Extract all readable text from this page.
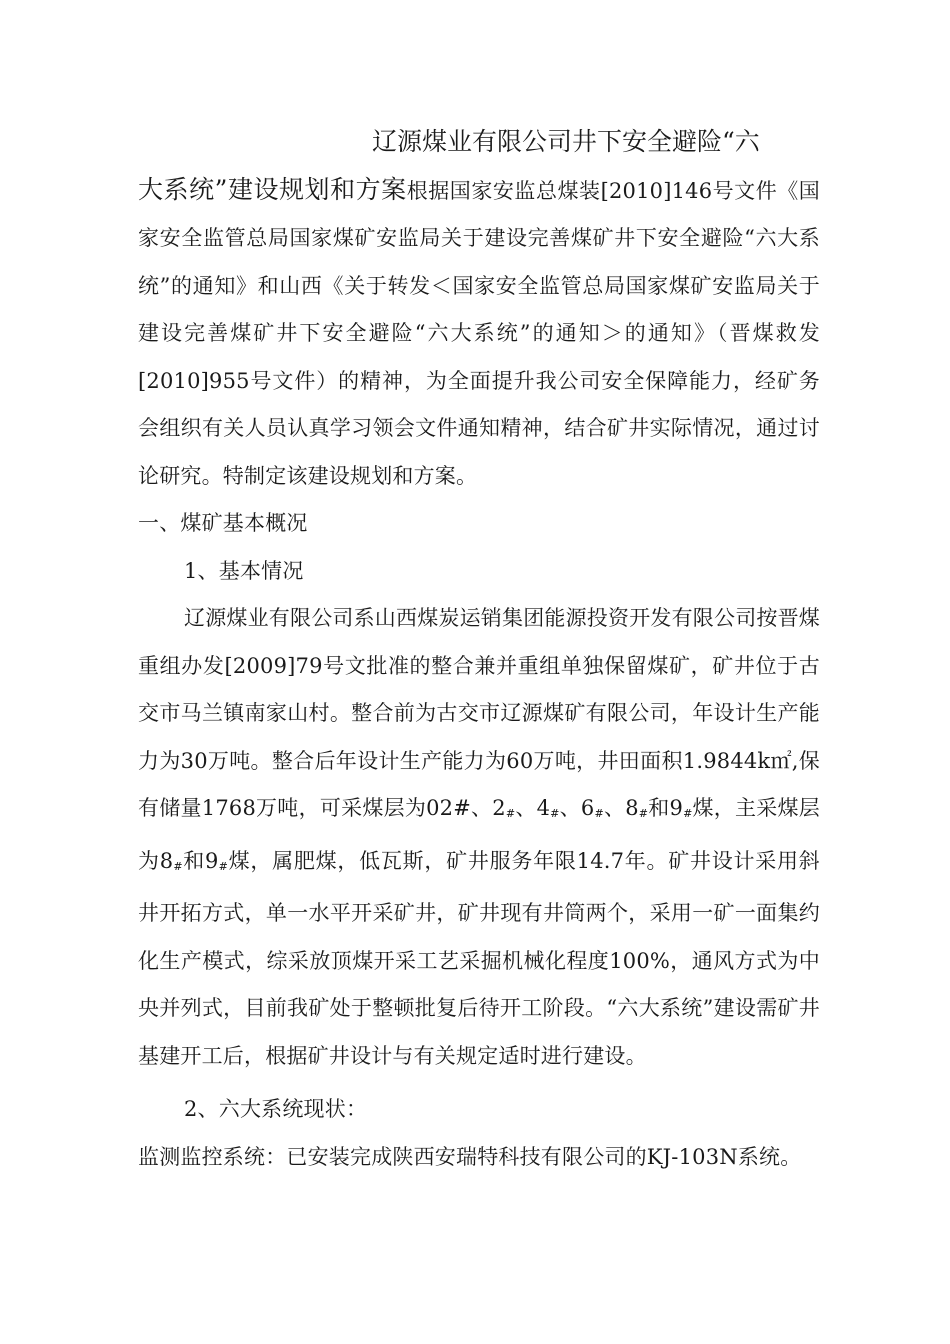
辽源煤业有限公司井下安全避险“六

大系统”建设规划和方案根据国家安监总煤装[2010]146号文件《国家安全监管总局国家煤矿安监局关于建设完善煤矿井下安全避险“六大系统”的通知》和山西《关于转发＜国家安全监管总局国家煤矿安监局关于建设完善煤矿井下安全避险“六大系统”的通知＞的通知》（晋煤救发[2010]955号文件）的精神，为全面提升我公司安全保障能力，经矿务会组织有关人员认真学习领会文件通知精神，结合矿井实际情况，通过讨论研究。特制定该建设规划和方案。

一、煤矿基本概况

1、基本情况

辽源煤业有限公司系山西煤炭运销集团能源投资开发有限公司按晋煤重组办发[2009]79号文批准的整合兼并重组单独保留煤矿，矿井位于古交市马兰镇南家山村。整合前为古交市辽源煤矿有限公司，年设计生产能力为30万吨。整合后年设计生产能力为60万吨，井田面积1.9844k㎡,保有储量1768万吨，可采煤层为02#、$2_{\#}$、$4_{\#}$、$6_{\#}$、$8_{\#}$和$9_{\#}$煤，主采煤层为$8_{\#}$和$9_{\#}$煤，属肥煤，低瓦斯，矿井服务年限14.7年。矿井设计采用斜井开拓方式，单一水平开采矿井，矿井现有井筒两个，采用一矿一面集约化生产模式，综采放顶煤开采工艺采掘机械化程度100%，通风方式为中央并列式，目前我矿处于整顿批复后待开工阶段。“六大系统”建设需矿井基建开工后，根据矿井设计与有关规定适时进行建设。

2、六大系统现状：

监测监控系统：已安装完成陕西安瑞特科技有限公司的KJ-103N系统。
